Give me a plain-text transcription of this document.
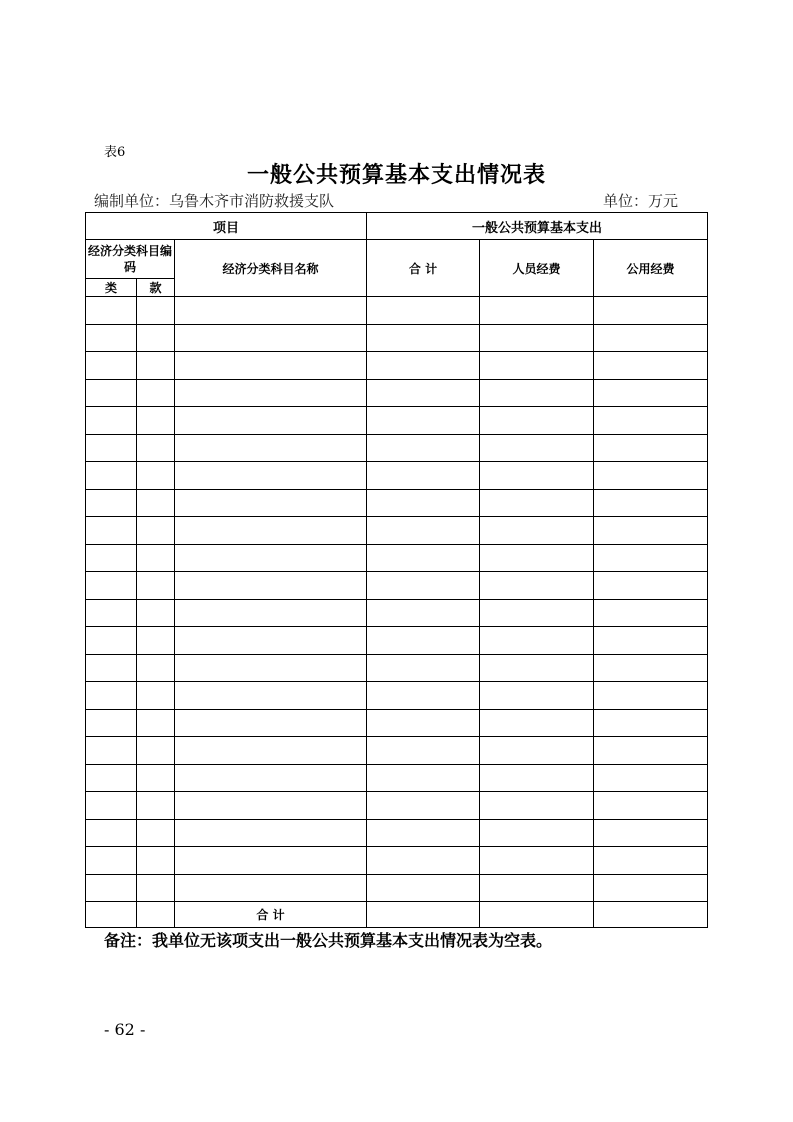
表6
一般公共预算基本支出情况表
编制单位：乌鲁木齐市消防救援支队	单位：万元
项目			一般公共预算基本支出		
经济分类科目编码		经济分类科目名称	合 计	人员经费	公用经费
类	款				

		合 计			
备注：我单位无该项支出一般公共预算基本支出情况表为空表。
- 62 -
